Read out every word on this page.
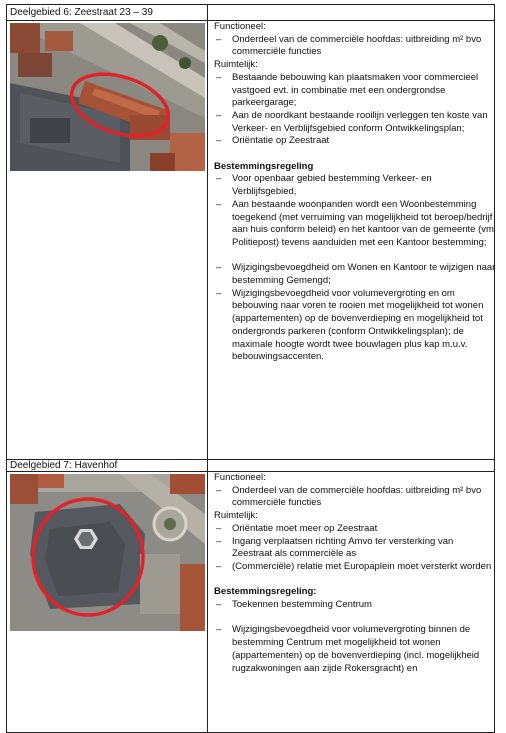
Deelgebied 6: Zeestraat 23 – 39

Functioneel:

– Onderdeel van de commerciële hoofdas: uitbreiding m² bvo commerciële functies

Ruimtelijk:

– Bestaande bebouwing kan plaatsmaken voor commercieel vastgoed evt. in combinatie met een ondergrondse parkeergarage;

– Aan de noordkant bestaande rooilijn verleggen ten koste van Verkeer- en Verblijfsgebied conform Ontwikkelingsplan;

– Oriëntatie op Zeestraat

Bestemmingsregeling

– Voor openbaar gebied bestemming Verkeer- en Verblijfsgebied,

– Aan bestaande woonpanden wordt een Woonbestemming toegekend (met verruiming van mogelijkheid tot beroep/bedrijf aan huis conform beleid) en het kantoor van de gemeente (vm Politiepost) tevens aanduiden met een Kantoor bestemming;

– Wijzigingsbevoegdheid om Wonen en Kantoor te wijzigen naar bestemming Gemengd;

– Wijzigingsbevoegdheid voor volumevergroting en om bebouwing naar voren te rooien met mogelijkheid tot wonen (appartementen) op de bovenverdieping en mogelijkheid tot ondergronds parkeren (conform Ontwikkelingsplan); de maximale hoogte wordt twee bouwlagen plus kap m.u.v. bebouwingsaccenten.

Deelgebied 7: Havenhof

Functioneel:

– Onderdeel van de commerciële hoofdas: uitbreiding m² bvo commerciële functies

Ruimtelijk:

– Oriëntatie moet meer op Zeestraat

– Ingang verplaatsen richting Amvo ter versterking van Zeestraat als commerciële as

– (Commerciële) relatie met Europaplein moet versterkt worden

Bestemmingsregeling:

– Toekennen bestemming Centrum

– Wijzigingsbevoegdheid voor volumevergroting binnen de bestemming Centrum met mogelijkheid tot wonen (appartementen) op de bovenverdieping (incl. mogelijkheid rugzakwoningen aan zijde Rokersgracht) en
